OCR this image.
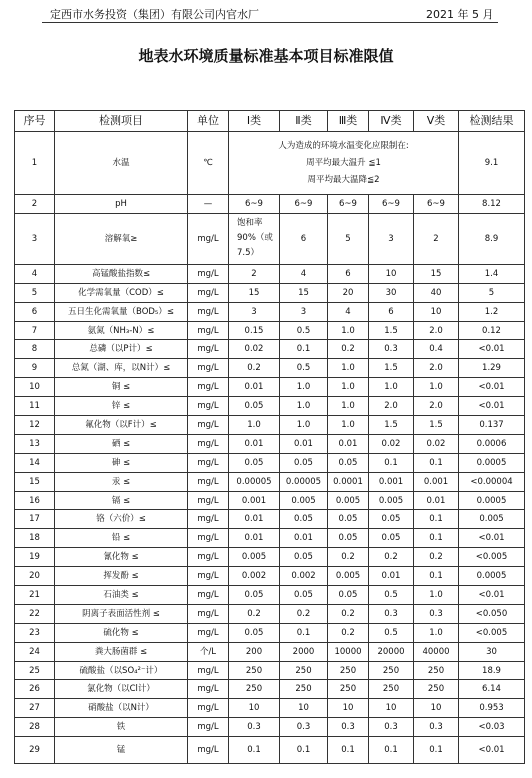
定西市水务投资（集团）有限公司内官水厂	2021 年 5 月
地表水环境质量标准基本项目标准限值
序号	检测项目	单位	Ⅰ类	Ⅱ类	Ⅲ类	Ⅳ类	Ⅴ类	检测结果
1	水温	℃	人为造成的环境水温变化应限制在:
周平均最大温升 ≦1
周平均最大温降≦2					9.1
2	pH	—	6~9	6~9	6~9	6~9	6~9	8.12
3	溶解氧≥	mg/L	饱和率
90%（或
7.5）	6	5	3	2	8.9
4	高锰酸盐指数≤	mg/L	2	4	6	10	15	1.4
5	化学需氧量（COD）≤	mg/L	15	15	20	30	40	5
6	五日生化需氧量（BOD₅）≤	mg/L	3	3	4	6	10	1.2
7	氨氮（NH₃-N）≤	mg/L	0.15	0.5	1.0	1.5	2.0	0.12
8	总磷（以P计）≤	mg/L	0.02	0.1	0.2	0.3	0.4	<0.01
9	总氮（湖、库，以N计）≤	mg/L	0.2	0.5	1.0	1.5	2.0	1.29
10	铜 ≤	mg/L	0.01	1.0	1.0	1.0	1.0	<0.01
11	锌 ≤	mg/L	0.05	1.0	1.0	2.0	2.0	<0.01
12	氟化物（以F计）≤	mg/L	1.0	1.0	1.0	1.5	1.5	0.137
13	硒 ≤	mg/L	0.01	0.01	0.01	0.02	0.02	0.0006
14	砷 ≤	mg/L	0.05	0.05	0.05	0.1	0.1	0.0005
15	汞 ≤	mg/L	0.00005	0.00005	0.0001	0.001	0.001	<0.00004
16	镉 ≤	mg/L	0.001	0.005	0.005	0.005	0.01	0.0005
17	铬（六价）≤	mg/L	0.01	0.05	0.05	0.05	0.1	0.005
18	铅 ≤	mg/L	0.01	0.01	0.05	0.05	0.1	<0.01
19	氰化物 ≤	mg/L	0.005	0.05	0.2	0.2	0.2	<0.005
20	挥发酚 ≤	mg/L	0.002	0.002	0.005	0.01	0.1	0.0005
21	石油类 ≤	mg/L	0.05	0.05	0.05	0.5	1.0	<0.01
22	阴离子表面活性剂 ≤	mg/L	0.2	0.2	0.2	0.3	0.3	<0.050
23	硫化物 ≤	mg/L	0.05	0.1	0.2	0.5	1.0	<0.005
24	粪大肠菌群 ≤	个/L	200	2000	10000	20000	40000	30
25	硫酸盐（以SO₄²⁻计）	mg/L	250	250	250	250	250	18.9
26	氯化物（以Cl计）	mg/L	250	250	250	250	250	6.14
27	硝酸盐（以N计）	mg/L	10	10	10	10	10	0.953
28	铁	mg/L	0.3	0.3	0.3	0.3	0.3	<0.03
29	锰	mg/L	0.1	0.1	0.1	0.1	0.1	<0.01
